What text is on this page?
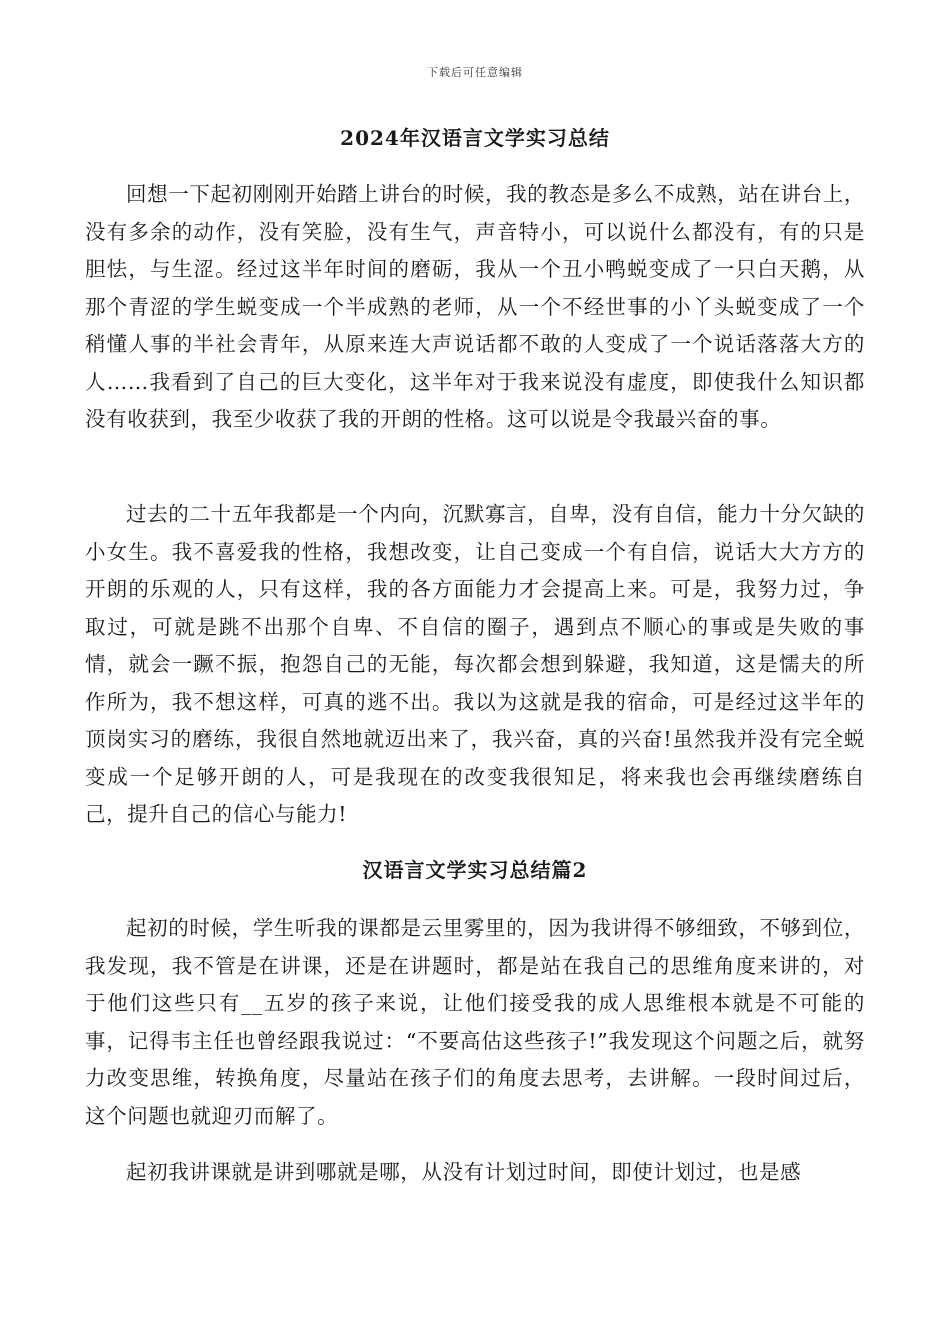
下载后可任意编辑
2024年汉语言文学实习总结

回想一下起初刚刚开始踏上讲台的时候，我的教态是多么不成熟，站在讲台上，没有多余的动作，没有笑脸，没有生气，声音特小，可以说什么都没有，有的只是胆怯，与生涩。经过这半年时间的磨砺，我从一个丑小鸭蜕变成了一只白天鹅，从那个青涩的学生蜕变成一个半成熟的老师，从一个不经世事的小丫头蜕变成了一个稍懂人事的半社会青年，从原来连大声说话都不敢的人变成了一个说话落落大方的人……我看到了自己的巨大变化，这半年对于我来说没有虚度，即使我什么知识都没有收获到，我至少收获了我的开朗的性格。这可以说是令我最兴奋的事。

过去的二十五年我都是一个内向，沉默寡言，自卑，没有自信，能力十分欠缺的小女生。我不喜爱我的性格，我想改变，让自己变成一个有自信，说话大大方方的开朗的乐观的人，只有这样，我的各方面能力才会提高上来。可是，我努力过，争取过，可就是跳不出那个自卑、不自信的圈子，遇到点不顺心的事或是失败的事情，就会一蹶不振，抱怨自己的无能，每次都会想到躲避，我知道，这是懦夫的所作所为，我不想这样，可真的逃不出。我以为这就是我的宿命，可是经过这半年的顶岗实习的磨练，我很自然地就迈出来了，我兴奋，真的兴奋!虽然我并没有完全蜕变成一个足够开朗的人，可是我现在的改变我很知足，将来我也会再继续磨练自己，提升自己的信心与能力!

汉语言文学实习总结篇2

起初的时候，学生听我的课都是云里雾里的，因为我讲得不够细致，不够到位，我发现，我不管是在讲课，还是在讲题时，都是站在我自己的思维角度来讲的，对于他们这些只有__五岁的孩子来说，让他们接受我的成人思维根本就是不可能的事，记得韦主任也曾经跟我说过：“不要高估这些孩子!”我发现这个问题之后，就努力改变思维，转换角度，尽量站在孩子们的角度去思考，去讲解。一段时间过后，这个问题也就迎刃而解了。

起初我讲课就是讲到哪就是哪，从没有计划过时间，即使计划过，也是感
